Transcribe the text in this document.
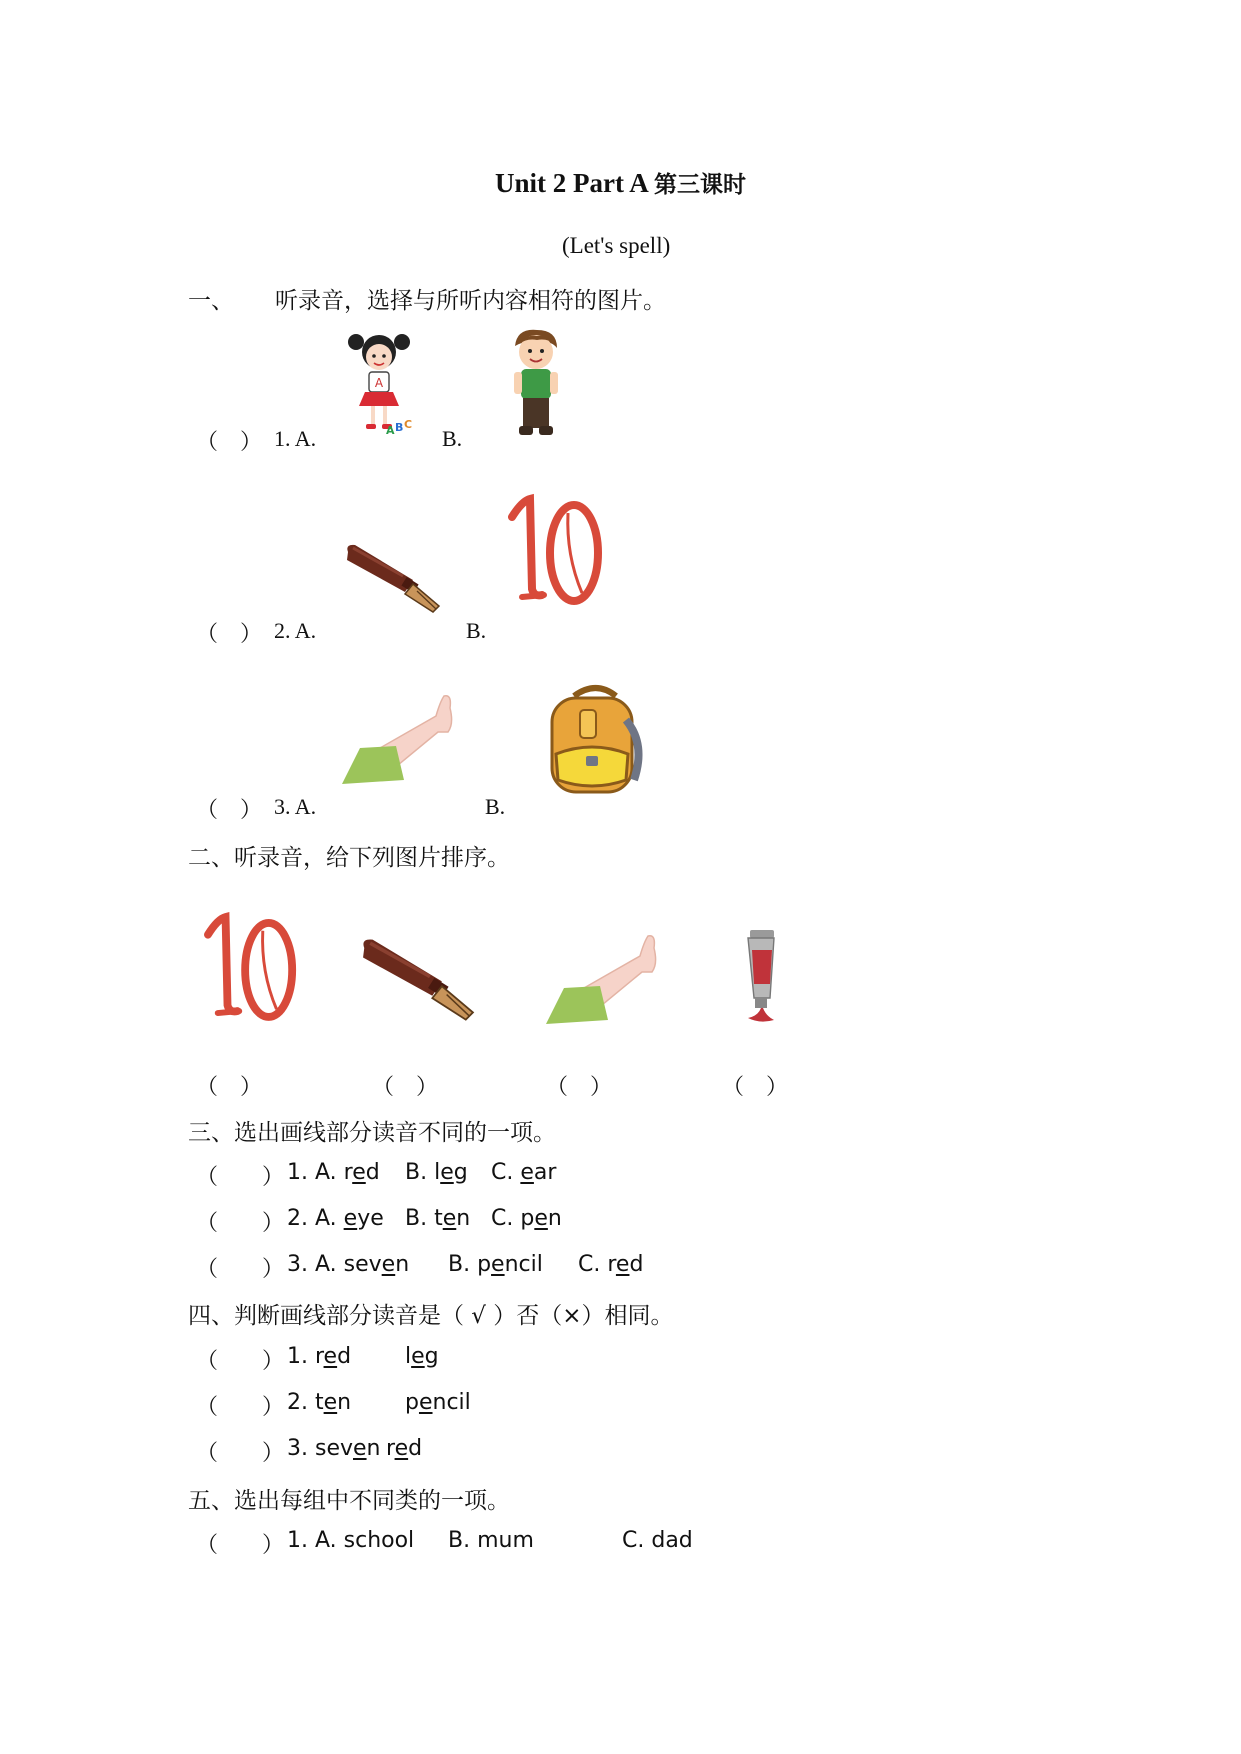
Unit 2 Part A 第三课时
(Let's spell)
一、 听录音，选择与所听内容相符的图片。
（　） 1. A.	B.
A
A B C
（　） 2. A.	B.
（　） 3. A.	B.
二、听录音，给下列图片排序。
（　）	（　）	（　）	（　）
三、选出画线部分读音不同的一项。
（　　） 1. A. red B. leg C. ear
（　　） 2. A. eye B. ten C. pen
（　　） 3. A. seven B. pencil C. red
四、判断画线部分读音是（ √ ）否（×）相同。
（　　） 1. red leg
（　　） 2. ten pencil
（　　） 3. seven red
五、选出每组中不同类的一项。
（　　） 1. A. school B. mum	C. dad
